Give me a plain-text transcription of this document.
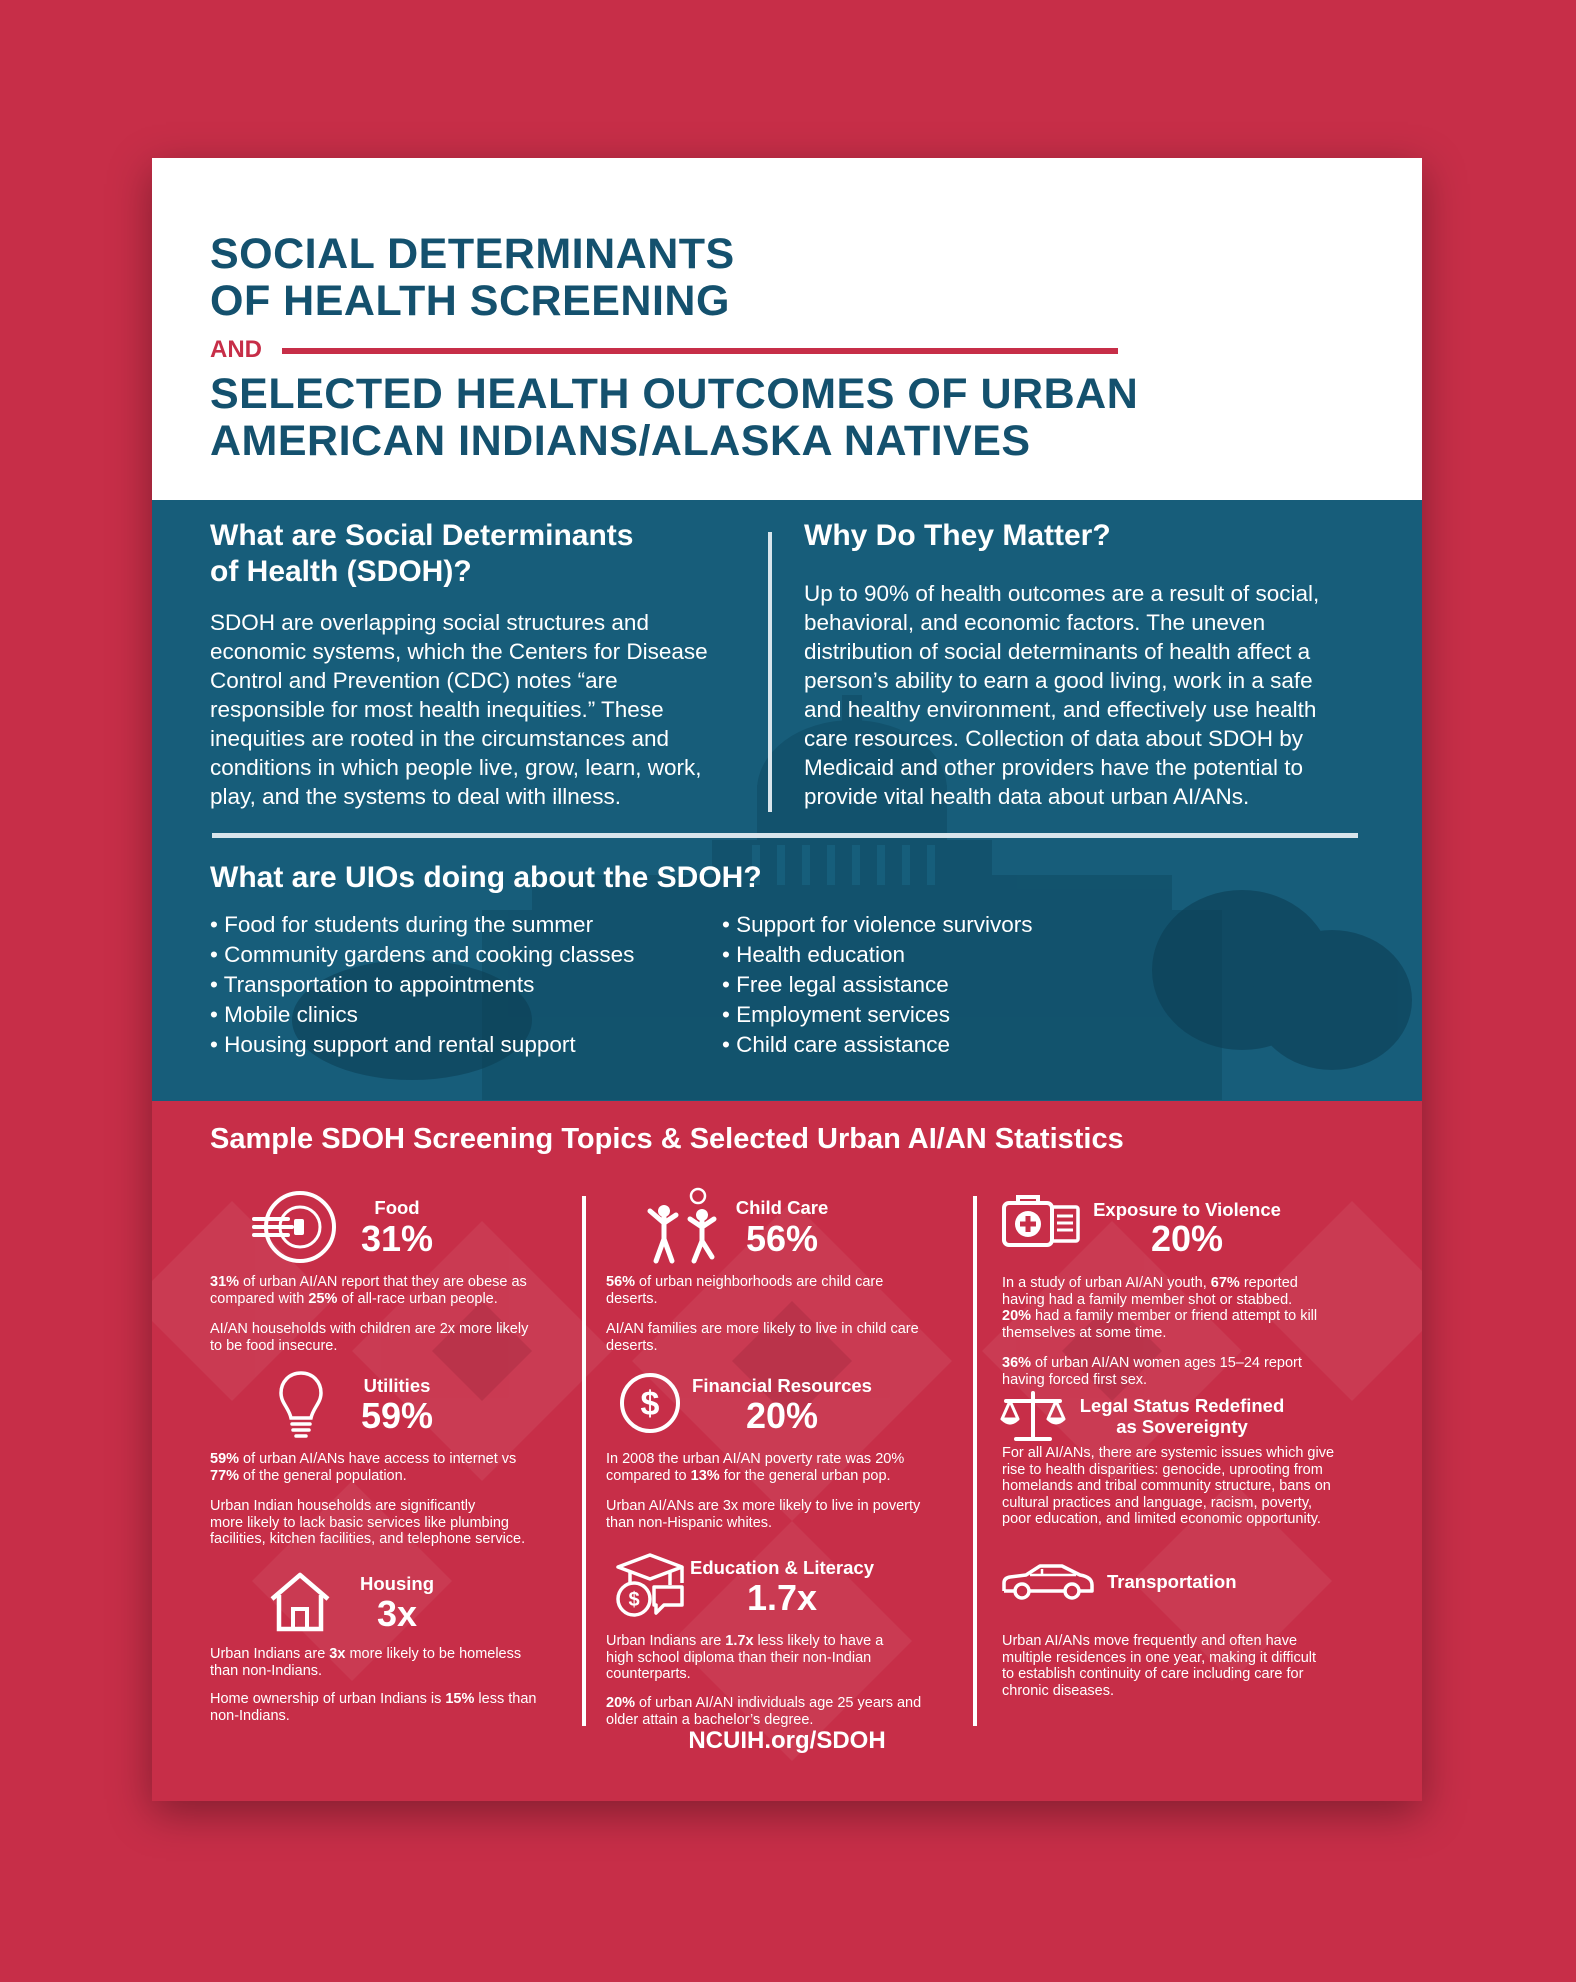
SOCIAL DETERMINANTS
OF HEALTH SCREENING
AND
SELECTED HEALTH OUTCOMES OF URBAN
AMERICAN INDIANS/ALASKA NATIVES
What are Social Determinants
of Health (SDOH)?
SDOH are overlapping social structures and
economic systems, which the Centers for Disease
Control and Prevention (CDC) notes “are
responsible for most health inequities.” These
inequities are rooted in the circumstances and
conditions in which people live, grow, learn, work,
play, and the systems to deal with illness.
Why Do They Matter?
Up to 90% of health outcomes are a result of social,
behavioral, and economic factors. The uneven
distribution of social determinants of health affect a
person’s ability to earn a good living, work in a safe
and healthy environment, and effectively use health
care resources. Collection of data about SDOH by
Medicaid and other providers have the potential to
provide vital health data about urban AI/ANs.
What are UIOs doing about the SDOH?
• Food for students during the summer
• Community gardens and cooking classes
• Transportation to appointments
• Mobile clinics
• Housing support and rental support
• Support for violence survivors
• Health education
• Free legal assistance
• Employment services
• Child care assistance
Sample SDOH Screening Topics & Selected Urban AI/AN Statistics
Food
31%
31% of urban AI/AN report that they are obese as
compared with 25% of all-race urban people.
AI/AN households with children are 2x more likely
to be food insecure.
Utilities
59%
59% of urban AI/ANs have access to internet vs
77% of the general population.
Urban Indian households are significantly
more likely to lack basic services like plumbing
facilities, kitchen facilities, and telephone service.
Housing
3x
Urban Indians are 3x more likely to be homeless
than non-Indians.
Home ownership of urban Indians is 15% less than
non-Indians.
Child Care
56%
56% of urban neighborhoods are child care
deserts.
AI/AN families are more likely to live in child care
deserts.
$	Financial Resources
20%
In 2008 the urban AI/AN poverty rate was 20%
compared to 13% for the general urban pop.
Urban AI/ANs are 3x more likely to live in poverty
than non-Hispanic whites.
$
Education & Literacy
1.7x
Urban Indians are 1.7x less likely to have a
high school diploma than their non-Indian
counterparts.
20% of urban AI/AN individuals age 25 years and
older attain a bachelor’s degree.
Exposure to Violence
20%
In a study of urban AI/AN youth, 67% reported
having had a family member shot or stabbed.
20% had a family member or friend attempt to kill
themselves at some time.
36% of urban AI/AN women ages 15–24 report
having forced first sex.
Legal Status Redefined
as Sovereignty
For all AI/ANs, there are systemic issues which give
rise to health disparities: genocide, uprooting from
homelands and tribal community structure, bans on
cultural practices and language, racism, poverty,
poor education, and limited economic opportunity.
Transportation
Urban AI/ANs move frequently and often have
multiple residences in one year, making it difficult
to establish continuity of care including care for
chronic diseases.
NCUIH.org/SDOH
